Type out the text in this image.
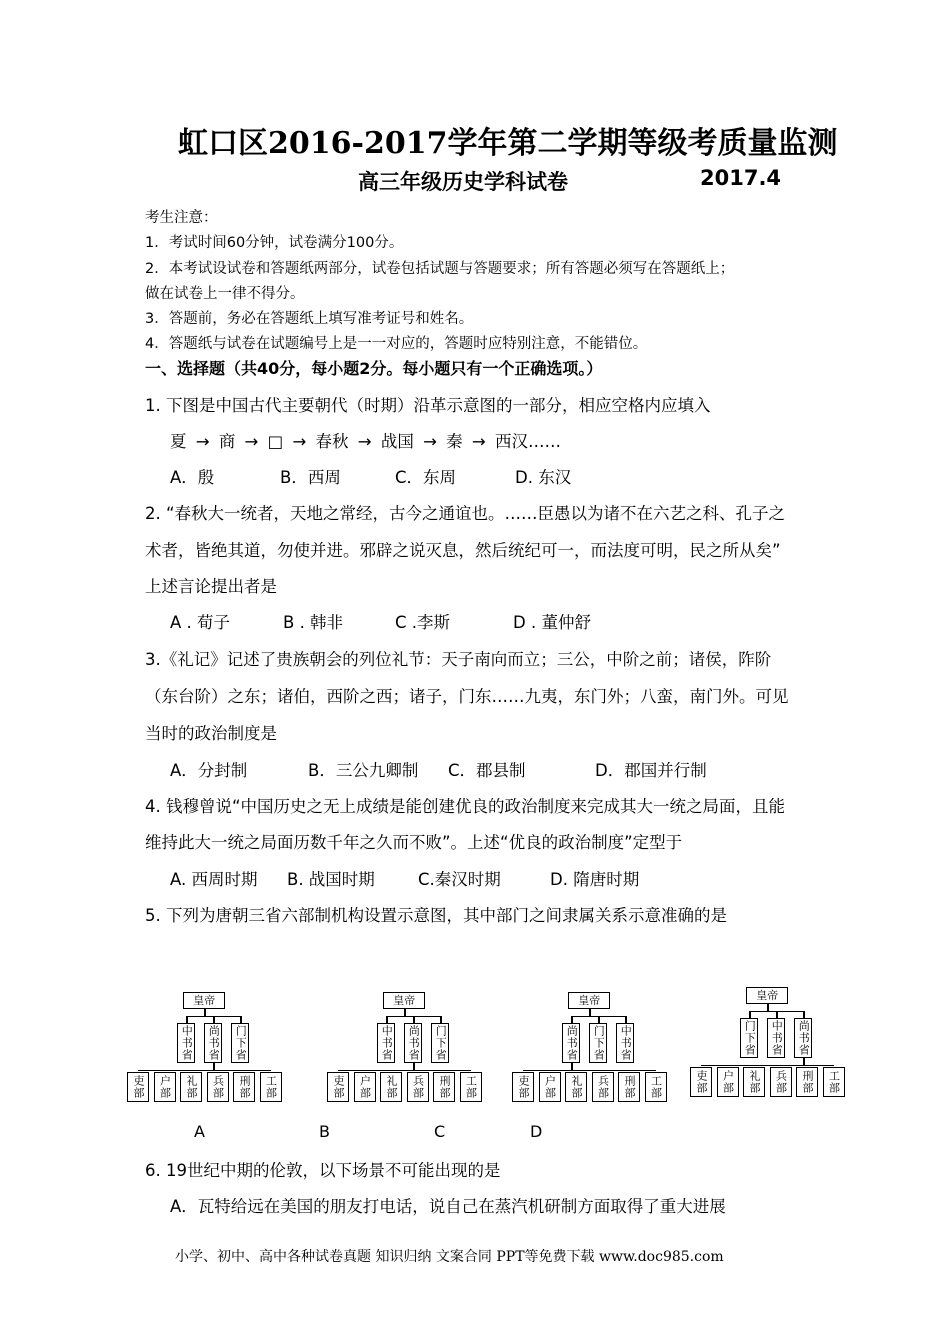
虹口区2016-2017学年第二学期等级考质量监测
高三年级历史学科试卷	2017.4
考生注意：
1．考试时间60分钟，试卷满分100分。
2．本考试设试卷和答题纸两部分，试卷包括试题与答题要求；所有答题必须写在答题纸上；
做在试卷上一律不得分。
3．答题前，务必在答题纸上填写准考证号和姓名。
4．答题纸与试卷在试题编号上是一一对应的，答题时应特别注意，不能错位。
一、选择题（共40分，每小题2分。每小题只有一个正确选项。）
1. 下图是中国古代主要朝代（时期）沿革示意图的一部分，相应空格内应填入
夏 → 商 → □ → 春秋 → 战国 → 秦 → 西汉……
A．殷	B．西周	C．东周	D. 东汉
2. “春秋大一统者，天地之常经，古今之通谊也。……臣愚以为诸不在六艺之科、孔子之
术者，皆绝其道，勿使并进。邪辟之说灭息，然后统纪可一，而法度可明，民之所从矣”
上述言论提出者是
A . 荀子	B . 韩非	C .李斯	D . 董仲舒
3.《礼记》记述了贵族朝会的列位礼节：天子南向而立；三公，中阶之前；诸侯，阼阶
（东台阶）之东；诸伯，西阶之西；诸子，门东……九夷，东门外；八蛮，南门外。可见
当时的政治制度是
A．分封制	B．三公九卿制 C．郡县制	D．郡国并行制
4. 钱穆曾说“中国历史之无上成绩是能创建优良的政治制度来完成其大一统之局面，且能
维持此大一统之局面历数千年之久而不败”。上述“优良的政治制度”定型于
A. 西周时期 B. 战国时期	C.秦汉时期	D. 隋唐时期
5. 下列为唐朝三省六部制机构设置示意图，其中部门之间隶属关系示意准确的是
皇帝
中书省 尚书省 门下省
吏部	户部	礼部	兵部	刑部	工部
皇帝
中书省 尚书省 门下省
吏部	户部	礼部	兵部	刑部	工部
皇帝
尚书省 门下省 中书省
吏部	户部	礼部	兵部	刑部	工部
皇帝
门下省 中书省 尚书省
吏部	户部	礼部	兵部	刑部	工部
A	B	C	D
6. 19世纪中期的伦敦，以下场景不可能出现的是
A．瓦特给远在美国的朋友打电话，说自己在蒸汽机研制方面取得了重大进展
小学、初中、高中各种试卷真题 知识归纳 文案合同 PPT等免费下载 www.doc985.com
